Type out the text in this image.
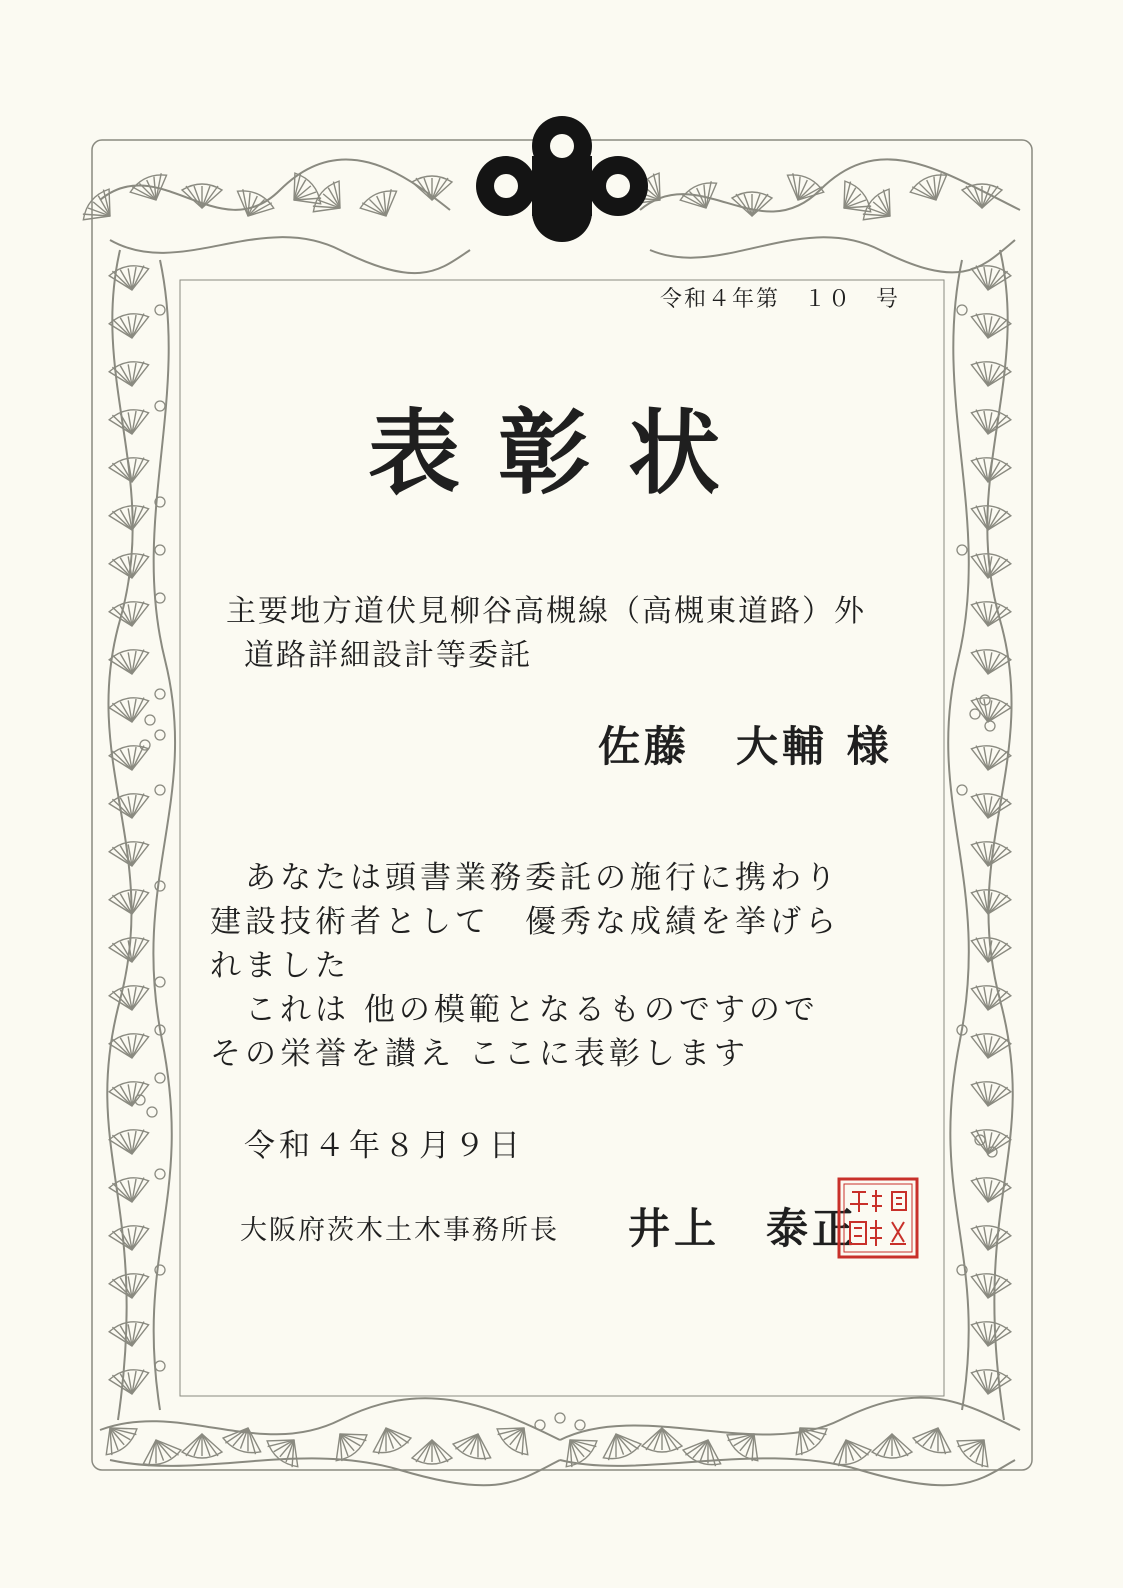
令和４年第　１０　号
表彰状
主要地方道伏見柳谷高槻線（高槻東道路）外
道路詳細設計等委託
佐藤　大輔 様
　あなたは頭書業務委託の施行に携わり
建設技術者として　優秀な成績を挙げら
れました
　これは 他の模範となるものですので
その栄誉を讃え ここに表彰します
令和４年８月９日
大阪府茨木土木事務所長 井上　泰正
